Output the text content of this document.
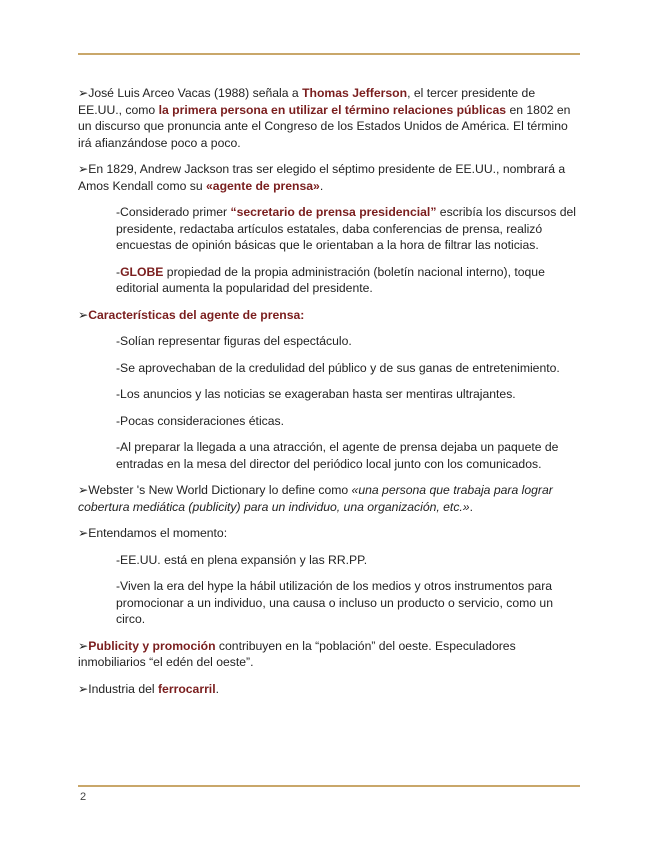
➢José Luis Arceo Vacas (1988) señala a Thomas Jefferson, el tercer presidente de EE.UU., como la primera persona en utilizar el término relaciones públicas en 1802 en un discurso que pronuncia ante el Congreso de los Estados Unidos de América. El término irá afianzándose poco a poco.

➢En 1829, Andrew Jackson tras ser elegido el séptimo presidente de EE.UU., nombrará a Amos Kendall como su «agente de prensa».

-Considerado primer “secretario de prensa presidencial” escribía los discursos del presidente, redactaba artículos estatales, daba conferencias de prensa, realizó encuestas de opinión básicas que le orientaban a la hora de filtrar las noticias.

-GLOBE propiedad de la propia administración (boletín nacional interno), toque editorial aumenta la popularidad del presidente.

➢Características del agente de prensa:

-Solían representar figuras del espectáculo.

-Se aprovechaban de la credulidad del público y de sus ganas de entretenimiento.

-Los anuncios y las noticias se exageraban hasta ser mentiras ultrajantes.

-Pocas consideraciones éticas.

-Al preparar la llegada a una atracción, el agente de prensa dejaba un paquete de entradas en la mesa del director del periódico local junto con los comunicados.

➢Webster 's New World Dictionary lo define como «una persona que trabaja para lograr cobertura mediática (publicity) para un individuo, una organización, etc.».

➢Entendamos el momento:

-EE.UU. está en plena expansión y las RR.PP.

-Viven la era del hype la hábil utilización de los medios y otros instrumentos para promocionar a un individuo, una causa o incluso un producto o servicio, como un circo.

➢Publicity y promoción contribuyen en la “población” del oeste. Especuladores inmobiliarios “el edén del oeste”.

➢Industria del ferrocarril.

2
